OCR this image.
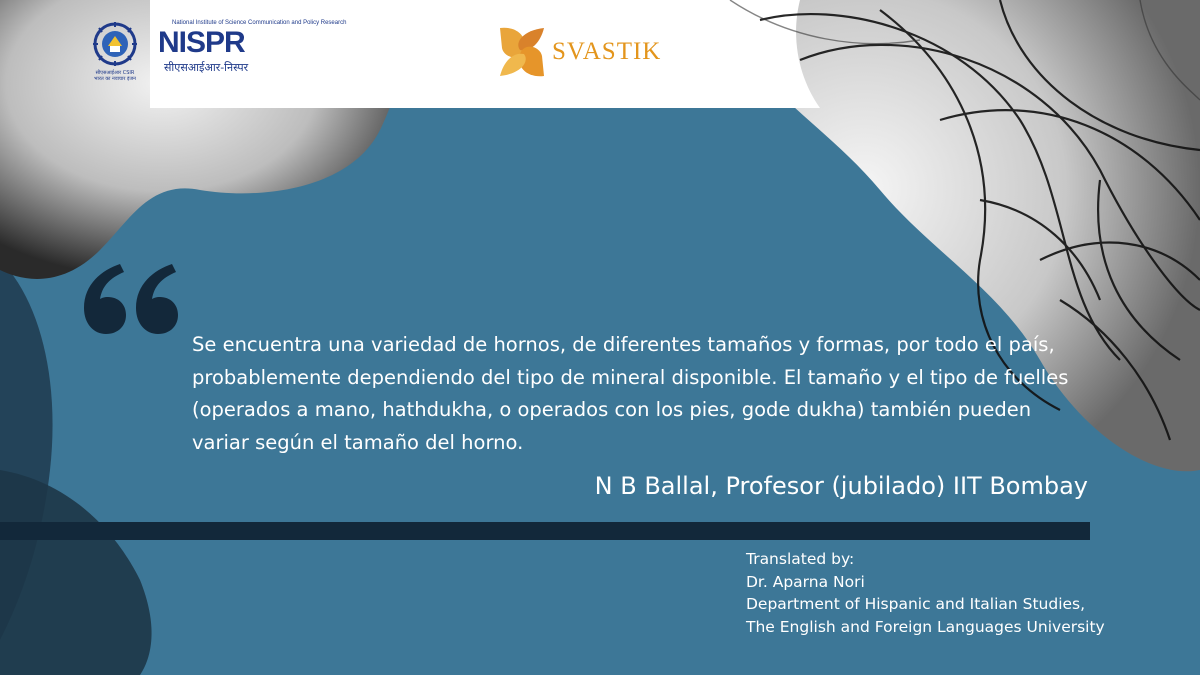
सीएसआईआर CSIR
भारत का नवाचार इंजन
National Institute of Science Communication and Policy Research
NISPR
सीएसआईआर-निस्पर
SVASTIK
Se encuentra una variedad de hornos, de diferentes tamaños y formas, por todo el país, probablemente dependiendo del tipo de mineral disponible. El tamaño y el tipo de fuelles (operados a mano, hathdukha, o operados con los pies, gode dukha) también pueden variar según el tamaño del horno.
N B Ballal, Profesor (jubilado) IIT Bombay
Translated by:
Dr. Aparna Nori
Department of Hispanic and Italian Studies,
The English and Foreign Languages University
